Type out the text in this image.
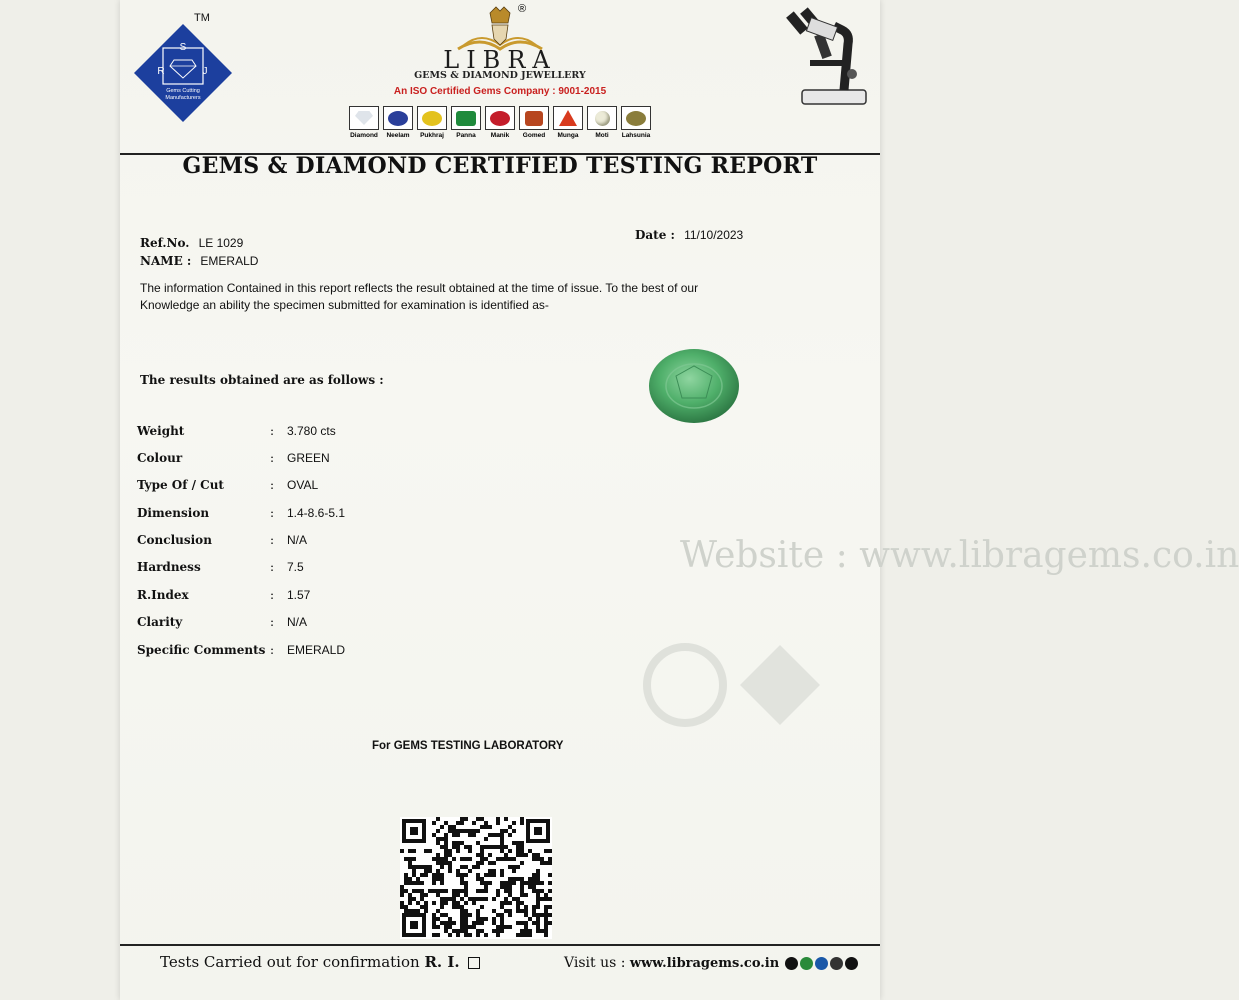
TM
S
R	J
Gems Cutting
Manufacturers
®
LIBRA
GEMS & DIAMOND JEWELLERY
An ISO Certified Gems Company : 9001-2015
Diamond	Neelam	Pukhraj	Panna	Manik	Gomed	Munga	Moti	Lahsunia
GEMS & DIAMOND CERTIFIED TESTING REPORT
Ref.No. LE 1029
NAME : EMERALD
Date : 11/10/2023
The information Contained in this report reflects the result obtained at the time of issue. To the best of our
Knowledge an ability the specimen submitted for examination is identified as-
The results obtained are as follows :
Weight	: 3.780 cts
Colour	: GREEN
Type Of / Cut	: OVAL
Dimension	: 1.4-8.6-5.1
Conclusion	: N/A
Hardness	: 7.5
R.Index	: 1.57
Clarity	: N/A
Specific Comments : EMERALD
Website : www.libragems.co.in
For GEMS TESTING LABORATORY
Tests Carried out for confirmation R. I.	Visit us : www.libragems.co.in
